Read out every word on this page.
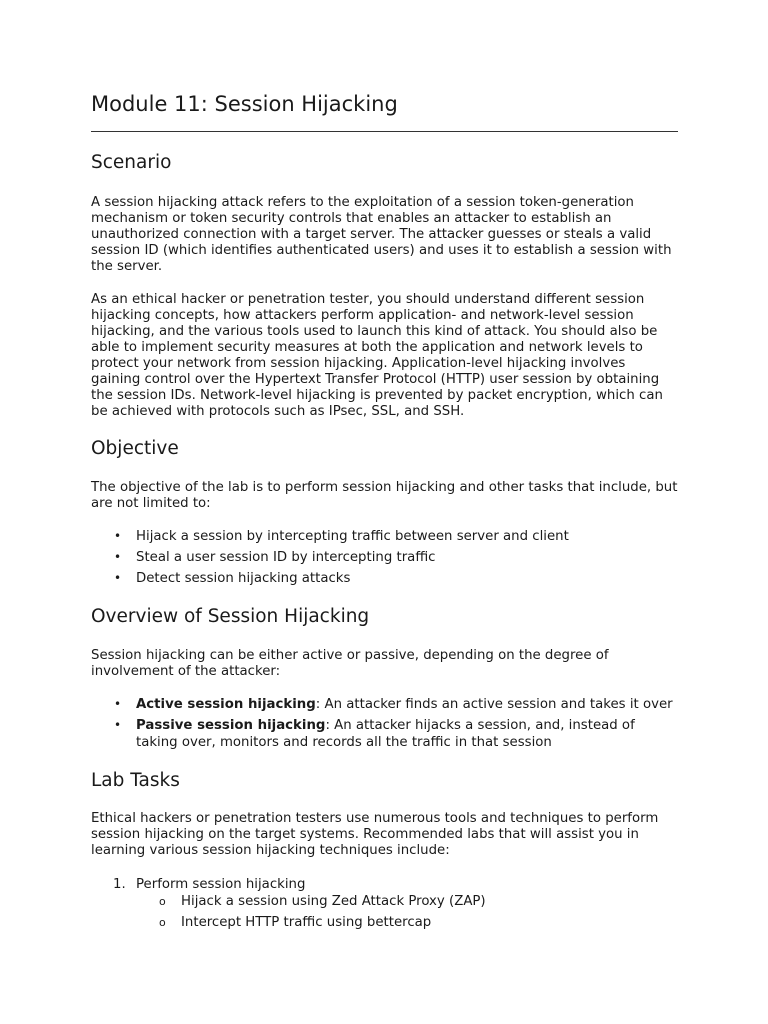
Module 11: Session Hijacking
Scenario

A session hijacking attack refers to the exploitation of a session token-generation mechanism or token security controls that enables an attacker to establish an unauthorized connection with a target server. The attacker guesses or steals a valid session ID (which identifies authenticated users) and uses it to establish a session with the server.

As an ethical hacker or penetration tester, you should understand different session hijacking concepts, how attackers perform application- and network-level session hijacking, and the various tools used to launch this kind of attack. You should also be able to implement security measures at both the application and network levels to protect your network from session hijacking. Application-level hijacking involves gaining control over the Hypertext Transfer Protocol (HTTP) user session by obtaining the session IDs. Network-level hijacking is prevented by packet encryption, which can be achieved with protocols such as IPsec, SSL, and SSH.

Objective

The objective of the lab is to perform session hijacking and other tasks that include, but are not limited to:

• Hijack a session by intercepting traffic between server and client
• Steal a user session ID by intercepting traffic
• Detect session hijacking attacks
Overview of Session Hijacking

Session hijacking can be either active or passive, depending on the degree of involvement of the attacker:

• Active session hijacking: An attacker finds an active session and takes it over
• Passive session hijacking: An attacker hijacks a session, and, instead of taking over, monitors and records all the traffic in that session
Lab Tasks

Ethical hackers or penetration testers use numerous tools and techniques to perform session hijacking on the target systems. Recommended labs that will assist you in learning various session hijacking techniques include:

1. Perform session hijacking
o Hijack a session using Zed Attack Proxy (ZAP)
o Intercept HTTP traffic using bettercap
